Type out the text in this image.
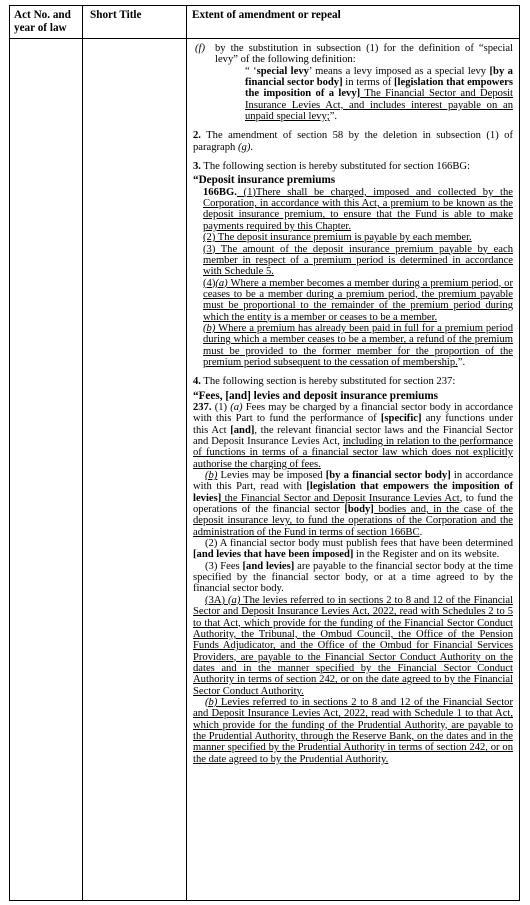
Act No. and year of law
Short Title	Extent of amendment or repeal
(f) by the substitution in subsection (1) for the definition of “special levy” of the following definition:

“ ‘special levy’ means a levy imposed as a special levy [by a financial sector body] in terms of [legislation that empowers the imposition of a levy] The Financial Sector and Deposit Insurance Levies Act, and includes interest payable on an unpaid special levy;”.

2. The amendment of section 58 by the deletion in subsection (1) of paragraph (g).

3. The following section is hereby substituted for section 166BG:

“Deposit insurance premiums

166BG. (1)There shall be charged, imposed and collected by the Corporation, in accordance with this Act, a premium to be known as the deposit insurance premium, to ensure that the Fund is able to make payments required by this Chapter.

(2) The deposit insurance premium is payable by each member.

(3) The amount of the deposit insurance premium payable by each member in respect of a premium period is determined in accordance with Schedule 5.

(4)(a) Where a member becomes a member during a premium period, or ceases to be a member during a premium period, the premium payable must be proportional to the remainder of the premium period during which the entity is a member or ceases to be a member.

(b) Where a premium has already been paid in full for a premium period during which a member ceases to be a member, a refund of the premium must be provided to the former member for the proportion of the premium period subsequent to the cessation of membership.”.

4. The following section is hereby substituted for section 237:

“Fees, [and] levies and deposit insurance premiums

237. (1) (a) Fees may be charged by a financial sector body in accordance with this Part to fund the performance of [specific] any functions under this Act [and], the relevant financial sector laws and the Financial Sector and Deposit Insurance Levies Act, including in relation to the performance of functions in terms of a financial sector law which does not explicitly authorise the charging of fees.

(b) Levies may be imposed [by a financial sector body] in accordance with this Part, read with [legislation that empowers the imposition of levies] the Financial Sector and Deposit Insurance Levies Act, to fund the operations of the financial sector [body] bodies and, in the case of the deposit insurance levy, to fund the operations of the Corporation and the administration of the Fund in terms of section 166BC.

(2) A financial sector body must publish fees that have been determined [and levies that have been imposed] in the Register and on its website.

(3) Fees [and levies] are payable to the financial sector body at the time specified by the financial sector body, or at a time agreed to by the financial sector body.

(3A) (a) The levies referred to in sections 2 to 8 and 12 of the Financial Sector and Deposit Insurance Levies Act, 2022, read with Schedules 2 to 5 to that Act, which provide for the funding of the Financial Sector Conduct Authority, the Tribunal, the Ombud Council, the Office of the Pension Funds Adjudicator, and the Office of the Ombud for Financial Services Providers, are payable to the Financial Sector Conduct Authority on the dates and in the manner specified by the Financial Sector Conduct Authority in terms of section 242, or on the date agreed to by the Financial Sector Conduct Authority.

(b) Levies referred to in sections 2 to 8 and 12 of the Financial Sector and Deposit Insurance Levies Act, 2022, read with Schedule 1 to that Act, which provide for the funding of the Prudential Authority, are payable to the Prudential Authority, through the Reserve Bank, on the dates and in the manner specified by the Prudential Authority in terms of section 242, or on the date agreed to by the Prudential Authority.
